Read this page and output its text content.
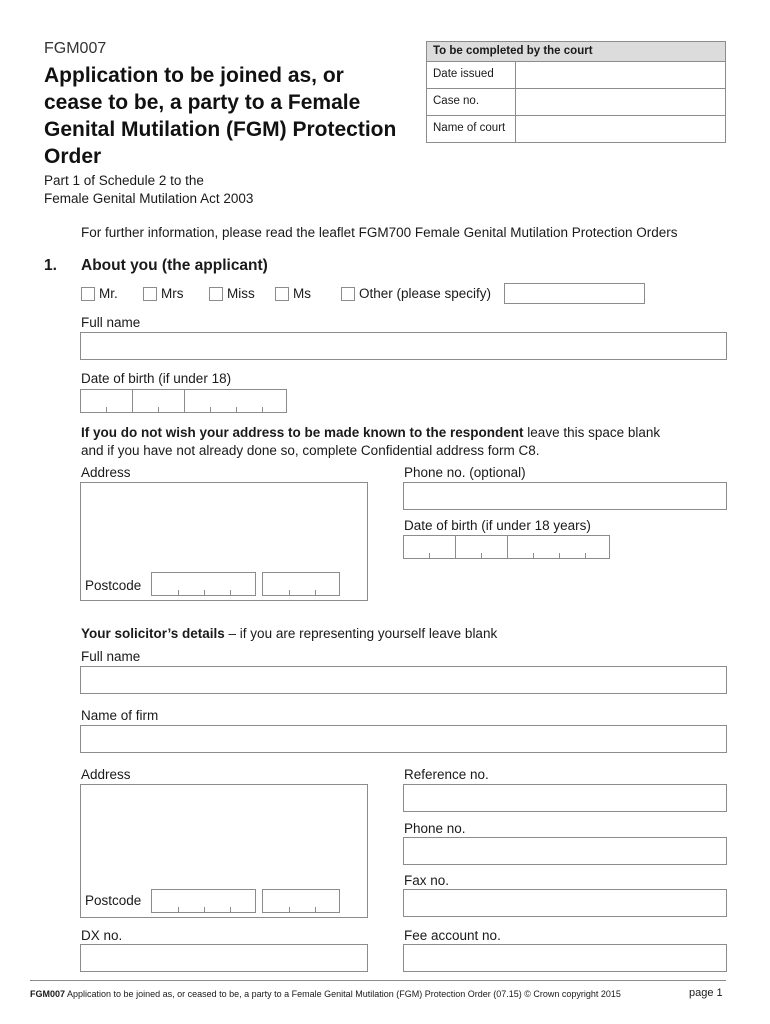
FGM007
Application to be joined as, or cease to be, a party to a Female Genital Mutilation (FGM) Protection Order
Part 1 of Schedule 2 to the
Female Genital Mutilation Act 2003
To be completed by the court
Date issued
Case no.
Name of court
For further information, please read the leaflet FGM700 Female Genital Mutilation Protection Orders
1. About you (the applicant)
Mr.	Mrs	Miss	Ms	Other (please specify)
Full name
Date of birth (if under 18)
If you do not wish your address to be made known to the respondent leave this space blank
and if you have not already done so, complete Confidential address form C8.
Address
Postcode
Phone no. (optional)
Date of birth (if under 18 years)
Your solicitor’s details – if you are representing yourself leave blank
Full name
Name of firm
Address
Postcode
Reference no.
Phone no.
Fax no.
DX no.	Fee account no.
FGM007 Application to be joined as, or ceased to be, a party to a Female Genital Mutilation (FGM) Protection Order (07.15) © Crown copyright 2015	page 1
